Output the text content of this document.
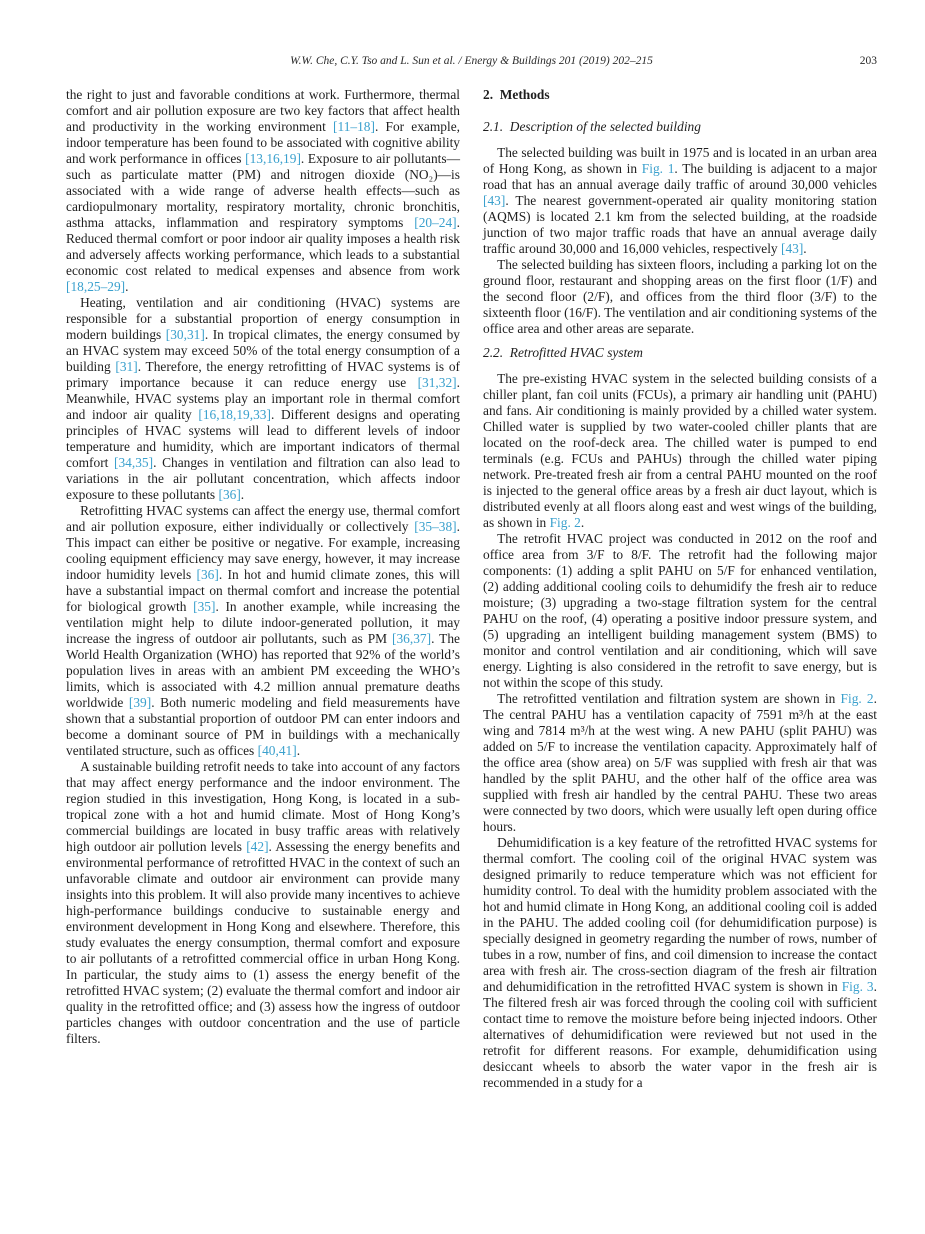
W.W. Che, C.Y. Tso and L. Sun et al. / Energy & Buildings 201 (2019) 202–215	203

the right to just and favorable conditions at work. Furthermore, thermal comfort and air pollution exposure are two key factors that affect health and productivity in the working environment [11–18]. For example, indoor temperature has been found to be associated with cognitive ability and work performance in offices [13,16,19]. Exposure to air pollutants—such as particulate matter (PM) and nitrogen dioxide (NO₂)—is associated with a wide range of adverse health effects—such as cardiopulmonary mortality, respiratory mortality, chronic bronchitis, asthma attacks, inflammation and respiratory symptoms [20–24]. Reduced thermal comfort or poor indoor air quality imposes a health risk and adversely affects working performance, which leads to a substantial economic cost related to medical expenses and absence from work [18,25–29].

Heating, ventilation and air conditioning (HVAC) systems are responsible for a substantial proportion of energy consumption in modern buildings [30,31]. In tropical climates, the energy consumed by an HVAC system may exceed 50% of the total energy consumption of a building [31]. Therefore, the energy retrofitting of HVAC systems is of primary importance because it can reduce energy use [31,32]. Meanwhile, HVAC systems play an important role in thermal comfort and indoor air quality [16,18,19,33]. Different designs and operating principles of HVAC systems will lead to different levels of indoor temperature and humidity, which are important indicators of thermal comfort [34,35]. Changes in ventilation and filtration can also lead to variations in the air pollutant concentration, which affects indoor exposure to these pollutants [36].

Retrofitting HVAC systems can affect the energy use, thermal comfort and air pollution exposure, either individually or collectively [35–38]. This impact can either be positive or negative. For example, increasing cooling equipment efficiency may save energy, however, it may increase indoor humidity levels [36]. In hot and humid climate zones, this will have a substantial impact on thermal comfort and increase the potential for biological growth [35]. In another example, while increasing the ventilation might help to dilute indoor-generated pollution, it may increase the ingress of outdoor air pollutants, such as PM [36,37]. The World Health Organization (WHO) has reported that 92% of the world’s population lives in areas with an ambient PM exceeding the WHO’s limits, which is associated with 4.2 million annual premature deaths worldwide [39]. Both numeric modeling and field measurements have shown that a substantial proportion of outdoor PM can enter indoors and become a dominant source of PM in buildings with a mechanically ventilated structure, such as offices [40,41].

A sustainable building retrofit needs to take into account of any factors that may affect energy performance and the indoor environment. The region studied in this investigation, Hong Kong, is located in a sub-tropical zone with a hot and humid climate. Most of Hong Kong’s commercial buildings are located in busy traffic areas with relatively high outdoor air pollution levels [42]. Assessing the energy benefits and environmental performance of retrofitted HVAC in the context of such an unfavorable climate and outdoor air environment can provide many insights into this problem. It will also provide many incentives to achieve high-performance buildings conducive to sustainable energy and environment development in Hong Kong and elsewhere. Therefore, this study evaluates the energy consumption, thermal comfort and exposure to air pollutants of a retrofitted commercial office in urban Hong Kong. In particular, the study aims to (1) assess the energy benefit of the retrofitted HVAC system; (2) evaluate the thermal comfort and indoor air quality in the retrofitted office; and (3) assess how the ingress of outdoor particles changes with outdoor concentration and the use of particle filters.

2. Methods
2.1. Description of the selected building

The selected building was built in 1975 and is located in an urban area of Hong Kong, as shown in Fig. 1. The building is adjacent to a major road that has an annual average daily traffic of around 30,000 vehicles [43]. The nearest government-operated air quality monitoring station (AQMS) is located 2.1 km from the selected building, at the roadside junction of two major traffic roads that have an annual average daily traffic around 30,000 and 16,000 vehicles, respectively [43].

The selected building has sixteen floors, including a parking lot on the ground floor, restaurant and shopping areas on the first floor (1/F) and the second floor (2/F), and offices from the third floor (3/F) to the sixteenth floor (16/F). The ventilation and air conditioning systems of the office area and other areas are separate.

2.2. Retrofitted HVAC system

The pre-existing HVAC system in the selected building consists of a chiller plant, fan coil units (FCUs), a primary air handling unit (PAHU) and fans. Air conditioning is mainly provided by a chilled water system. Chilled water is supplied by two water-cooled chiller plants that are located on the roof-deck area. The chilled water is pumped to end terminals (e.g. FCUs and PAHUs) through the chilled water piping network. Pre-treated fresh air from a central PAHU mounted on the roof is injected to the general office areas by a fresh air duct layout, which is distributed evenly at all floors along east and west wings of the building, as shown in Fig. 2.

The retrofit HVAC project was conducted in 2012 on the roof and office area from 3/F to 8/F. The retrofit had the following major components: (1) adding a split PAHU on 5/F for enhanced ventilation, (2) adding additional cooling coils to dehumidify the fresh air to reduce moisture; (3) upgrading a two-stage filtration system for the central PAHU on the roof, (4) operating a positive indoor pressure system, and (5) upgrading an intelligent building management system (BMS) to monitor and control ventilation and air conditioning, which will save energy. Lighting is also considered in the retrofit to save energy, but is not within the scope of this study.

The retrofitted ventilation and filtration system are shown in Fig. 2. The central PAHU has a ventilation capacity of 7591 m³/h at the east wing and 7814 m³/h at the west wing. A new PAHU (split PAHU) was added on 5/F to increase the ventilation capacity. Approximately half of the office area (show area) on 5/F was supplied with fresh air that was handled by the split PAHU, and the other half of the office area was supplied with fresh air handled by the central PAHU. These two areas were connected by two doors, which were usually left open during office hours.

Dehumidification is a key feature of the retrofitted HVAC systems for thermal comfort. The cooling coil of the original HVAC system was designed primarily to reduce temperature which was not efficient for humidity control. To deal with the humidity problem associated with the hot and humid climate in Hong Kong, an additional cooling coil is added in the PAHU. The added cooling coil (for dehumidification purpose) is specially designed in geometry regarding the number of rows, number of tubes in a row, number of fins, and coil dimension to increase the contact area with fresh air. The cross-section diagram of the fresh air filtration and dehumidification in the retrofitted HVAC system is shown in Fig. 3. The filtered fresh air was forced through the cooling coil with sufficient contact time to remove the moisture before being injected indoors. Other alternatives of dehumidification were reviewed but not used in the retrofit for different reasons. For example, dehumidification using desiccant wheels to absorb the water vapor in the fresh air is recommended in a study for a
